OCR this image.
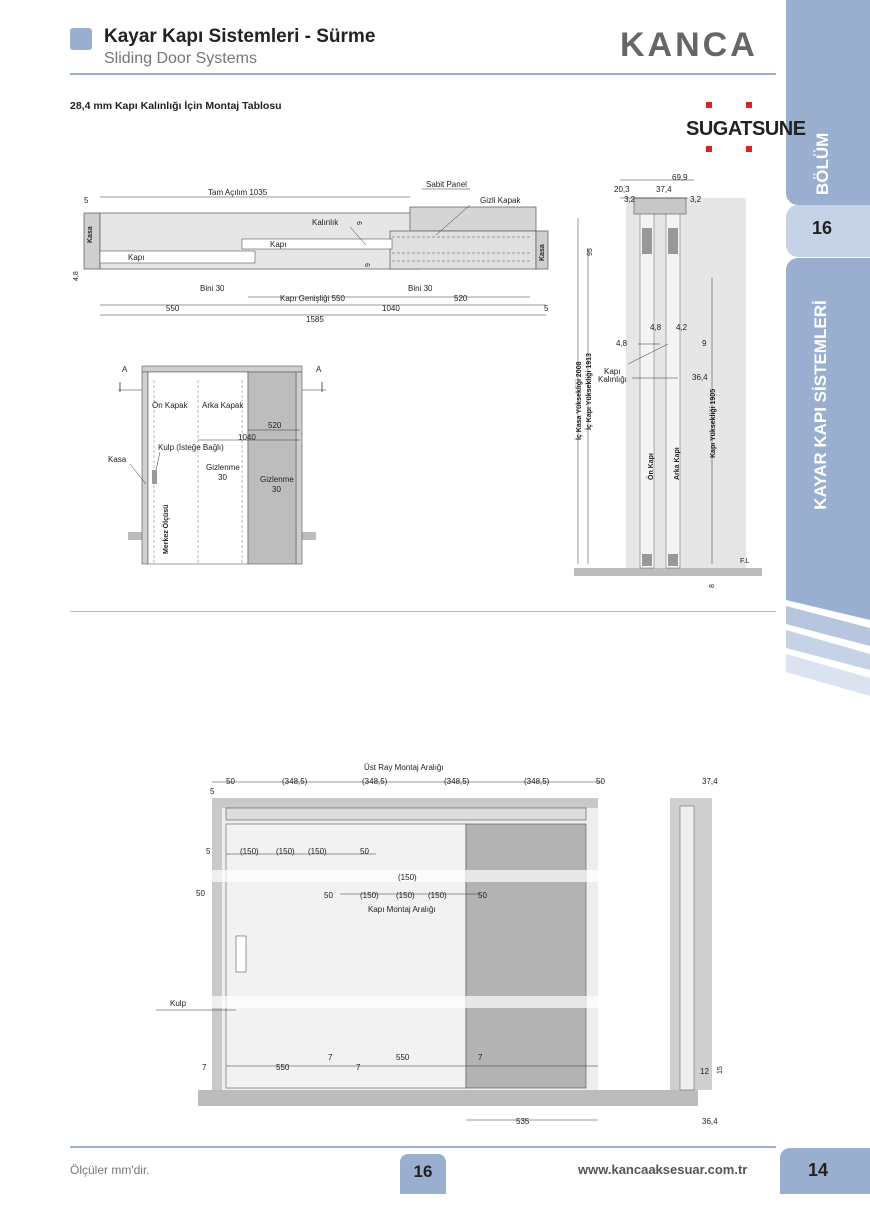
Kayar Kapı Sistemleri - Sürme
Sliding Door Systems	KANCA
BÖLÜM
16
KAYAR KAPI SİSTEMLERİ
28,4 mm Kapı Kalınlığı İçin Montaj Tablosu
SUGATSUNE
Kasa
Kasa
Sabit Panel
Gizli Kapak
Tam Açılım 1035
Kalınlık
Kapı
Kapı
5
4,8
9
9
Bini 30	Bini 30
Kapı Genişliği 550	520
550	1040	5
1585
A	A
Ön Kapak Arka Kapak
520
1040
Kulp (İsteğe Bağlı)
Kasa
Gizlenme
30	Gizlenme
30
Merkez Ölçüsü
69,9
20,3	37,4
3,2	3,2
95
4,8 4,2
4,8	9
Kapı
Kalınlığı	36,4
İç Kasa Yüksekliği 2008 İç Kapı Yüksekliği 1913	Kapı Yüksekliği 1905
Ön Kapı	Arka Kapı
F.L
8
Üst Ray Montaj Aralığı
50	(348,5)	(348,5)	(348,5)	(348,5)	50
5
5	(150) (150) (150)	50
(150)
50	50	(150) (150) (150)	50
Kapı Montaj Aralığı
Kulp
7	550
7
7
550	7
535
37,4
12 15
36,4
Ölçüler mm'dir.	16	www.kancaaksesuar.com.tr	14
